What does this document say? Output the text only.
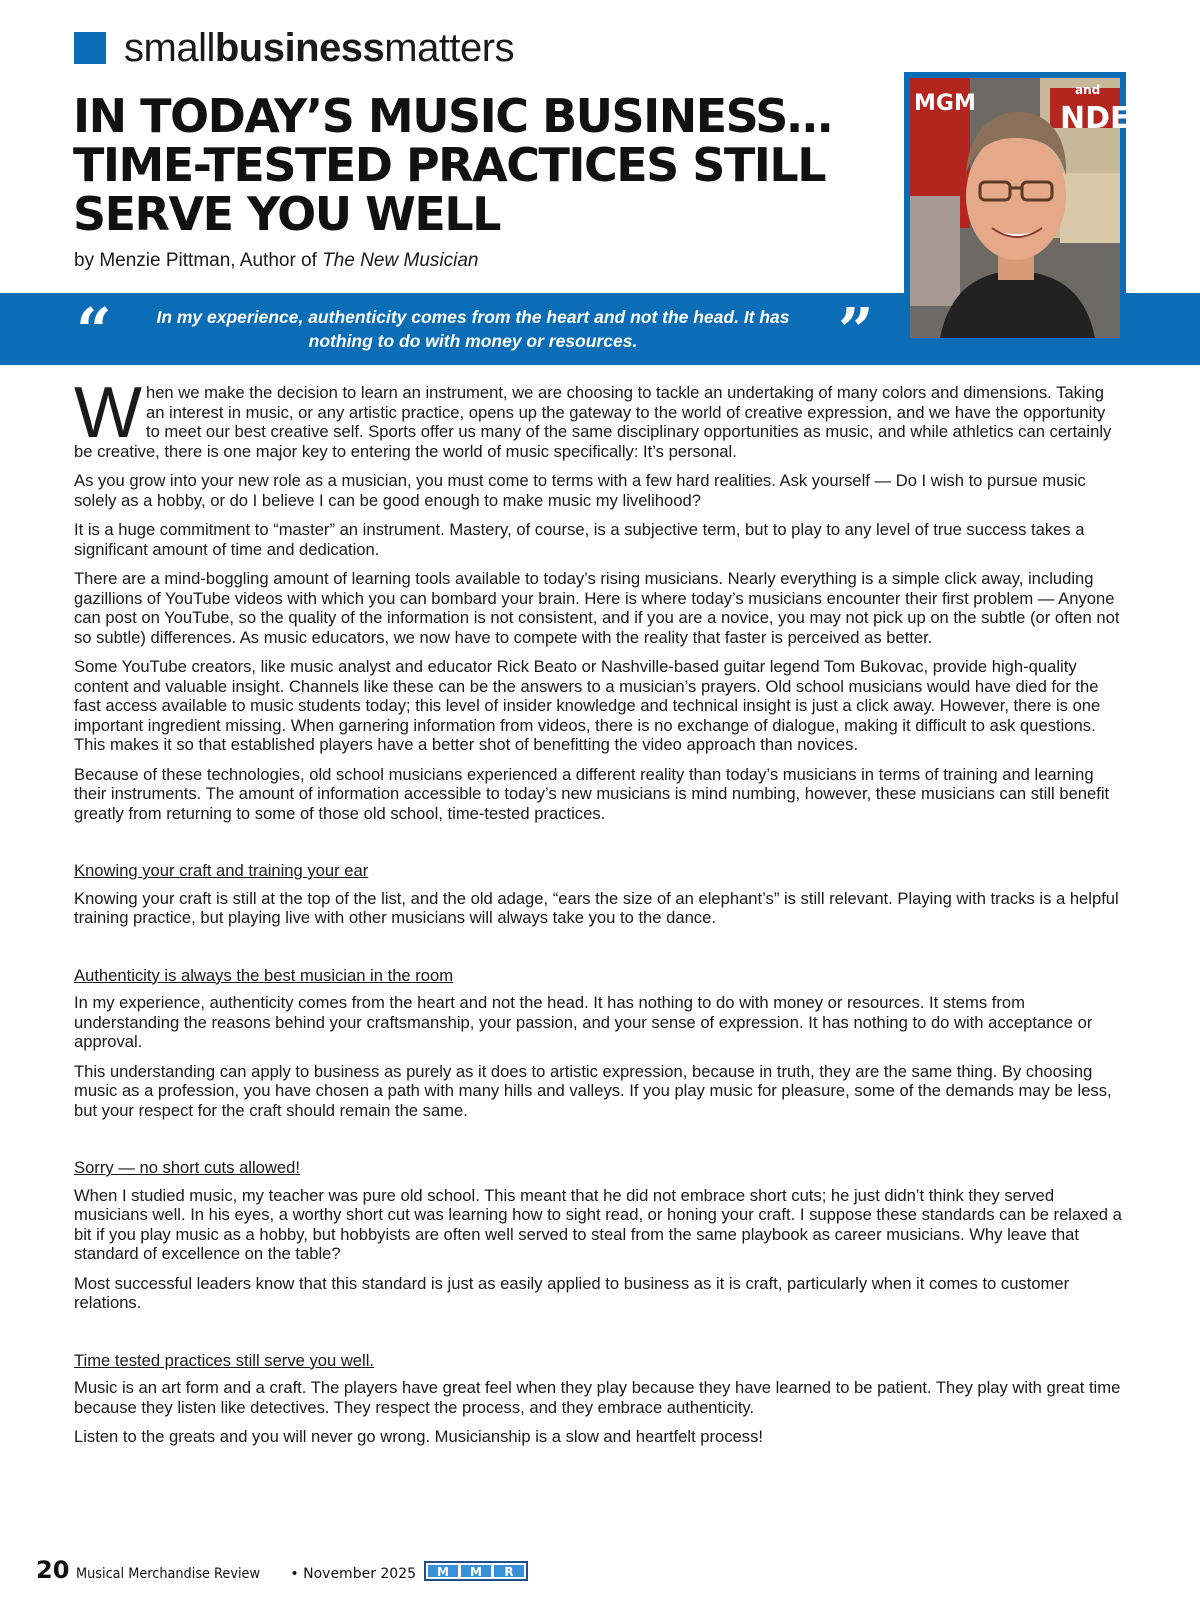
smallbusinessmatters
IN TODAY’S MUSIC BUSINESS…
TIME-TESTED PRACTICES STILL
SERVE YOU WELL
by Menzie Pittman, Author of The New Musician
“	In my experience, authenticity comes from the heart and not the head. It has nothing to do with money or resources.	”
MGM	NDER
and

When we make the decision to learn an instrument, we are choosing to tackle an undertaking of many colors and dimensions. Taking an interest in music, or any artistic practice, opens up the gateway to the world of creative expression, and we have the opportunity to meet our best creative self. Sports offer us many of the same disciplinary opportunities as music, and while athletics can certainly be creative, there is one major key to entering the world of music specifically: It’s personal.

As you grow into your new role as a musician, you must come to terms with a few hard realities. Ask yourself — Do I wish to pursue music solely as a hobby, or do I believe I can be good enough to make music my livelihood?

It is a huge commitment to “master” an instrument. Mastery, of course, is a subjective term, but to play to any level of true success takes a significant amount of time and dedication.

There are a mind-boggling amount of learning tools available to today’s rising musicians. Nearly everything is a simple click away, including gazillions of YouTube videos with which you can bombard your brain. Here is where today’s musicians encounter their first problem — Anyone can post on YouTube, so the quality of the information is not consistent, and if you are a novice, you may not pick up on the subtle (or often not so subtle) differences. As music educators, we now have to compete with the reality that faster is perceived as better.

Some YouTube creators, like music analyst and educator Rick Beato or Nashville-based guitar legend Tom Bukovac, provide high-quality content and valuable insight. Channels like these can be the answers to a musician’s prayers. Old school musicians would have died for the fast access available to music students today; this level of insider knowledge and technical insight is just a click away. However, there is one important ingredient missing. When garnering information from videos, there is no exchange of dialogue, making it difficult to ask questions. This makes it so that established players have a better shot of benefitting the video approach than novices.

Because of these technologies, old school musicians experienced a different reality than today’s musicians in terms of training and learning their instruments. The amount of information accessible to today’s new musicians is mind numbing, however, these musicians can still benefit greatly from returning to some of those old school, time-tested practices.

Knowing your craft and training your ear

Knowing your craft is still at the top of the list, and the old adage, “ears the size of an elephant’s” is still relevant. Playing with tracks is a helpful training practice, but playing live with other musicians will always take you to the dance.

Authenticity is always the best musician in the room

In my experience, authenticity comes from the heart and not the head. It has nothing to do with money or resources. It stems from understanding the reasons behind your craftsmanship, your passion, and your sense of expression. It has nothing to do with acceptance or approval.

This understanding can apply to business as purely as it does to artistic expression, because in truth, they are the same thing. By choosing music as a profession, you have chosen a path with many hills and valleys. If you play music for pleasure, some of the demands may be less, but your respect for the craft should remain the same.

Sorry — no short cuts allowed!

When I studied music, my teacher was pure old school. This meant that he did not embrace short cuts; he just didn’t think they served musicians well. In his eyes, a worthy short cut was learning how to sight read, or honing your craft. I suppose these standards can be relaxed a bit if you play music as a hobby, but hobbyists are often well served to steal from the same playbook as career musicians. Why leave that standard of excellence on the table?

Most successful leaders know that this standard is just as easily applied to business as it is craft, particularly when it comes to customer relations.

Time tested practices still serve you well.

Music is an art form and a craft. The players have great feel when they play because they have learned to be patient. They play with great time because they listen like detectives. They respect the process, and they embrace authenticity.

Listen to the greats and you will never go wrong. Musicianship is a slow and heartfelt process!

20 Musical Merchandise Review • November 2025 M M R
